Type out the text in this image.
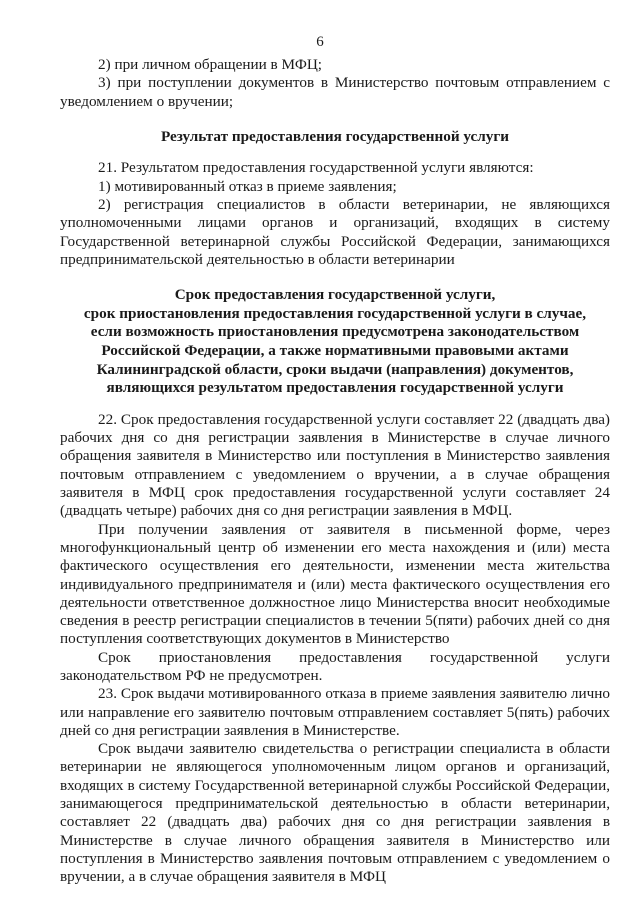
6

2) при личном обращении в МФЦ;

3) при поступлении документов в Министерство почтовым отправлением с уведомлением о вручении;

Результат предоставления государственной услуги

21. Результатом предоставления государственной услуги являются:

1) мотивированный отказ в приеме заявления;

2) регистрация специалистов в области ветеринарии, не являющихся уполномоченными лицами органов и организаций, входящих в систему Государственной ветеринарной службы Российской Федерации, занимающихся предпринимательской деятельностью в области ветеринарии

Срок предоставления государственной услуги,

срок приостановления предоставления государственной услуги в случае,

если возможность приостановления предусмотрена законодательством

Российской Федерации, а также нормативными правовыми актами

Калининградской области, сроки выдачи (направления) документов,

являющихся результатом предоставления государственной услуги

22. Срок предоставления государственной услуги составляет 22 (двадцать два) рабочих дня со дня регистрации заявления в Министерстве в случае личного обращения заявителя в Министерство или поступления в Министерство заявления почтовым отправлением с уведомлением о вручении, а в случае обращения заявителя в МФЦ срок предоставления государственной услуги составляет 24 (двадцать четыре) рабочих дня со дня регистрации заявления в МФЦ.

При получении заявления от заявителя в письменной форме, через многофункциональный центр об изменении его места нахождения и (или) места фактического осуществления его деятельности, изменении места жительства индивидуального предпринимателя и (или) места фактического осуществления его деятельности ответственное должностное лицо Министерства вносит необходимые сведения в реестр регистрации специалистов в течении 5(пяти) рабочих дней со дня поступления соответствующих документов в Министерство

Срок приостановления предоставления государственной услуги законодательством РФ не предусмотрен.

23. Срок выдачи мотивированного отказа в приеме заявления заявителю лично или направление его заявителю почтовым отправлением составляет 5(пять) рабочих дней со дня регистрации заявления в Министерстве.

Срок выдачи заявителю свидетельства о регистрации специалиста в области ветеринарии не являющегося уполномоченным лицом органов и организаций, входящих в систему Государственной ветеринарной службы Российской Федерации, занимающегося предпринимательской деятельностью в области ветеринарии, составляет 22 (двадцать два) рабочих дня со дня регистрации заявления в Министерстве в случае личного обращения заявителя в Министерство или поступления в Министерство заявления почтовым отправлением с уведомлением о вручении, а в случае обращения заявителя в МФЦ
